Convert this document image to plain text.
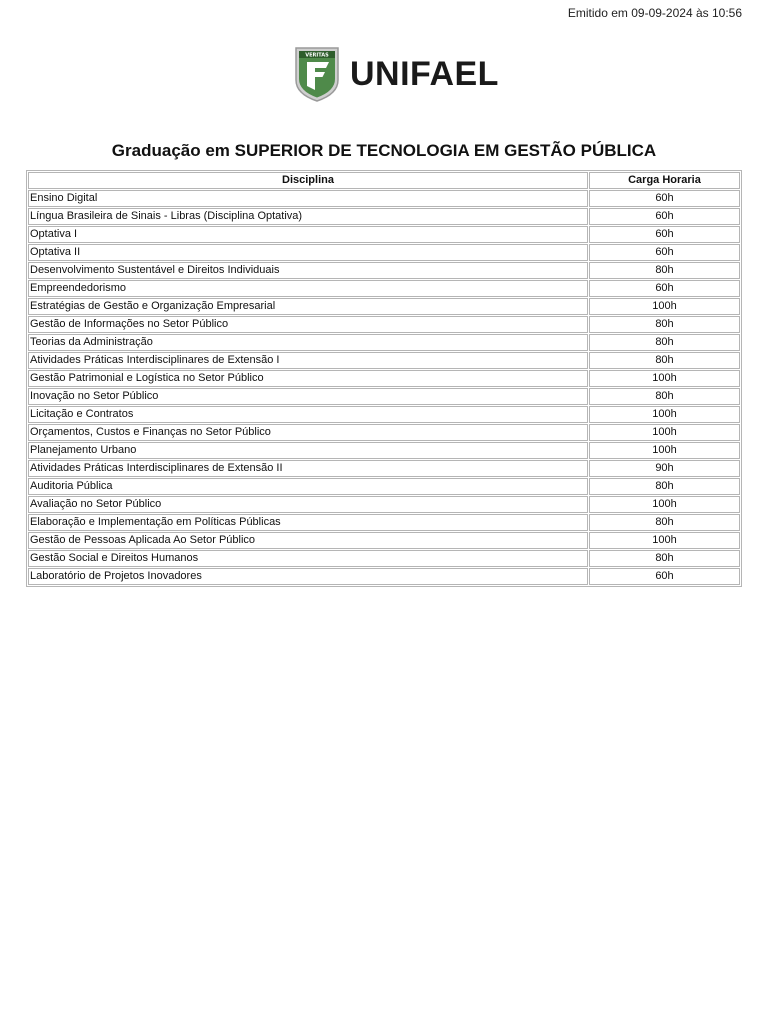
Emitido em 09-09-2024 às 10:56
VERITAS UNIFAEL
Graduação em SUPERIOR DE TECNOLOGIA EM GESTÃO PÚBLICA
Disciplina	Carga Horaria
Ensino Digital	60h
Língua Brasileira de Sinais - Libras (Disciplina Optativa)	60h
Optativa I	60h
Optativa II	60h
Desenvolvimento Sustentável e Direitos Individuais	80h
Empreendedorismo	60h
Estratégias de Gestão e Organização Empresarial	100h
Gestão de Informações no Setor Público	80h
Teorias da Administração	80h
Atividades Práticas Interdisciplinares de Extensão I	80h
Gestão Patrimonial e Logística no Setor Público	100h
Inovação no Setor Público	80h
Licitação e Contratos	100h
Orçamentos, Custos e Finanças no Setor Público	100h
Planejamento Urbano	100h
Atividades Práticas Interdisciplinares de Extensão II	90h
Auditoria Pública	80h
Avaliação no Setor Público	100h
Elaboração e Implementação em Políticas Públicas	80h
Gestão de Pessoas Aplicada Ao Setor Público	100h
Gestão Social e Direitos Humanos	80h
Laboratório de Projetos Inovadores	60h
